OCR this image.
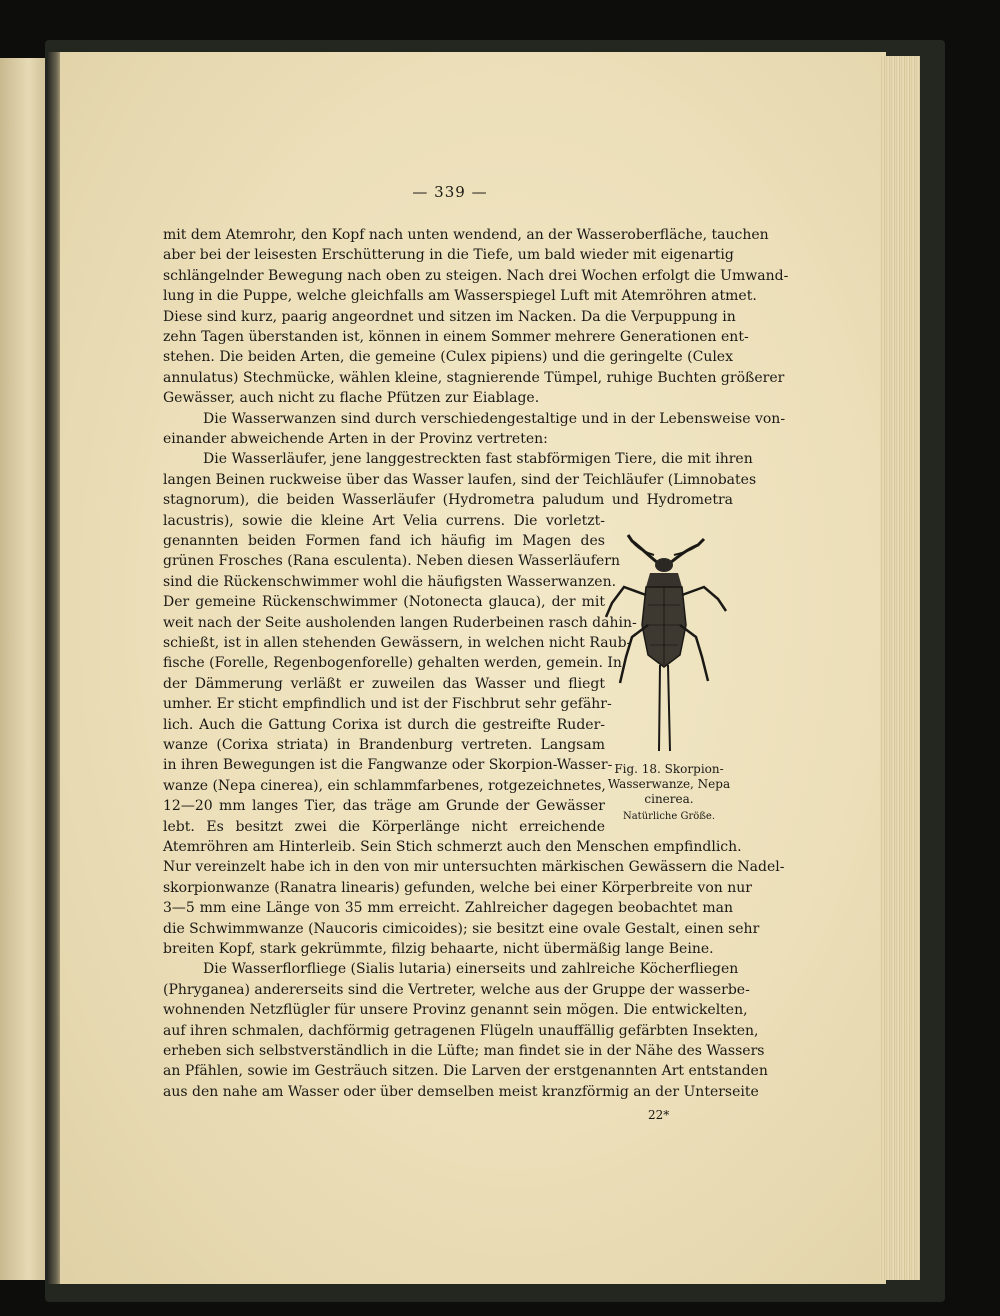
— 339 —
mit dem Atemrohr, den Kopf nach unten wendend, an der Wasseroberfläche, tauchen
aber bei der leisesten Erschütterung in die Tiefe, um bald wieder mit eigenartig
schlängelnder Bewegung nach oben zu steigen. Nach drei Wochen erfolgt die Umwand-
lung in die Puppe, welche gleichfalls am Wasserspiegel Luft mit Atemröhren atmet.
Diese sind kurz, paarig angeordnet und sitzen im Nacken. Da die Verpuppung in
zehn Tagen überstanden ist, können in einem Sommer mehrere Generationen ent-
stehen. Die beiden Arten, die gemeine (Culex pipiens) und die geringelte (Culex
annulatus) Stechmücke, wählen kleine, stagnierende Tümpel, ruhige Buchten größerer
Gewässer, auch nicht zu flache Pfützen zur Eiablage.
Die Wasserwanzen sind durch verschiedengestaltige und in der Lebensweise von-
einander abweichende Arten in der Provinz vertreten:
Die Wasserläufer, jene langgestreckten fast stabförmigen Tiere, die mit ihren
langen Beinen ruckweise über das Wasser laufen, sind der Teichläufer (Limnobates
stagnorum), die beiden Wasserläufer (Hydrometra paludum und Hydrometra
lacustris), sowie die kleine Art Velia currens. Die vorletzt-
genannten beiden Formen fand ich häufig im Magen des
grünen Frosches (Rana esculenta). Neben diesen Wasserläufern
sind die Rückenschwimmer wohl die häufigsten Wasserwanzen.
Der gemeine Rückenschwimmer (Notonecta glauca), der mit
weit nach der Seite ausholenden langen Ruderbeinen rasch dahin-
schießt, ist in allen stehenden Gewässern, in welchen nicht Raub-
fische (Forelle, Regenbogenforelle) gehalten werden, gemein. In
der Dämmerung verläßt er zuweilen das Wasser und fliegt
umher. Er sticht empfindlich und ist der Fischbrut sehr gefähr-
lich. Auch die Gattung Corixa ist durch die gestreifte Ruder-
wanze (Corixa striata) in Brandenburg vertreten. Langsam
in ihren Bewegungen ist die Fangwanze oder Skorpion-Wasser-
wanze (Nepa cinerea), ein schlammfarbenes, rotgezeichnetes,
12—20 mm langes Tier, das träge am Grunde der Gewässer
lebt. Es besitzt zwei die Körperlänge nicht erreichende
Atemröhren am Hinterleib. Sein Stich schmerzt auch den Menschen empfindlich.
Nur vereinzelt habe ich in den von mir untersuchten märkischen Gewässern die Nadel-
skorpionwanze (Ranatra linearis) gefunden, welche bei einer Körperbreite von nur
3—5 mm eine Länge von 35 mm erreicht. Zahlreicher dagegen beobachtet man
die Schwimmwanze (Naucoris cimicoides); sie besitzt eine ovale Gestalt, einen sehr
breiten Kopf, stark gekrümmte, filzig behaarte, nicht übermäßig lange Beine.
Die Wasserflorfliege (Sialis lutaria) einerseits und zahlreiche Köcherfliegen
(Phryganea) andererseits sind die Vertreter, welche aus der Gruppe der wasserbe-
wohnenden Netzflügler für unsere Provinz genannt sein mögen. Die entwickelten,
auf ihren schmalen, dachförmig getragenen Flügeln unauffällig gefärbten Insekten,
erheben sich selbstverständlich in die Lüfte; man findet sie in der Nähe des Wassers
an Pfählen, sowie im Gesträuch sitzen. Die Larven der erstgenannten Art entstanden
aus den nahe am Wasser oder über demselben meist kranzförmig an der Unterseite
Fig. 18. Skorpion-Wasserwanze, Nepa cinerea.
Natürliche Größe.
22*
